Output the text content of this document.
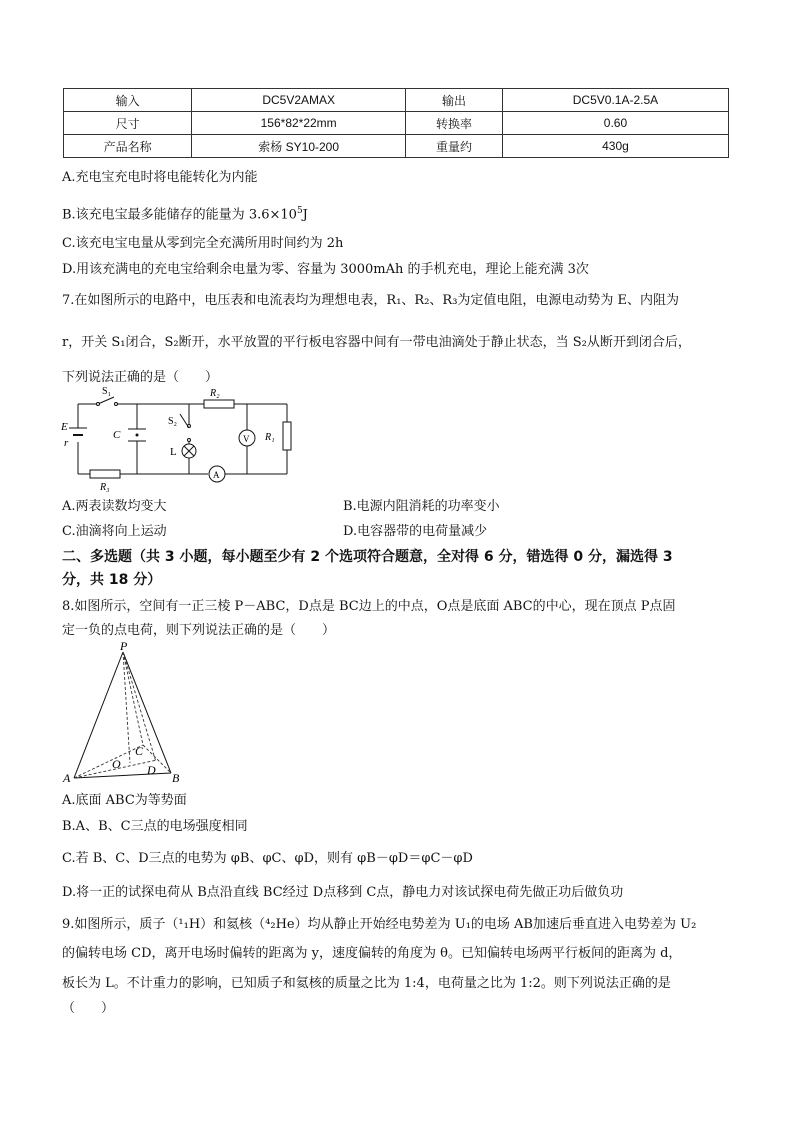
输入	DC5V2AMAX	输出	DC5V0.1A-2.5A
尺寸	156*82*22mm	转换率	0.60
产品名称	索杨 SY10-200	重量约	430g
A.充电宝充电时将电能转化为内能
B.该充电宝最多能储存的能量为 $3.6\times 10^5J$
C.该充电宝电量从零到完全充满所用时间约为 2h
D.用该充满电的充电宝给剩余电量为零、容量为 3000mAh 的手机充电，理论上能充满 3次
7.在如图所示的电路中，电压表和电流表均为理想电表，R₁、R₂、R₃为定值电阻，电源电动势为 E、内阻为
r，开关 S₁闭合，S₂断开，水平放置的平行板电容器中间有一带电油滴处于静止状态，当 S₂从断开到闭合后，
下列说法正确的是（　　）
E
r
S₁
C
S₂
R₂
L
V R₁
A
R₃
A.两表读数均变大	B.电源内阻消耗的功率变小
C.油滴将向上运动	D.电容器带的电荷量减少
二、多选题（共 3 小题，每小题至少有 2 个选项符合题意，全对得 6 分，错选得 0 分，漏选得 3
分，共 18 分）
8.如图所示，空间有一正三棱 P－ABC，D点是 BC边上的中点，O点是底面 ABC的中心，现在顶点 P点固
定一负的点电荷，则下列说法正确的是（　　）
P
A	B
C
O D
A.底面 ABC为等势面
B.A、B、C三点的电场强度相同
C.若 B、C、D三点的电势为 φB、φC、φD，则有 φB－φD＝φC－φD
D.将一正的试探电荷从 B点沿直线 BC经过 D点移到 C点，静电力对该试探电荷先做正功后做负功
9.如图所示，质子（¹₁H）和氦核（⁴₂He）均从静止开始经电势差为 U₁的电场 AB加速后垂直进入电势差为 U₂
的偏转电场 CD，离开电场时偏转的距离为 y，速度偏转的角度为 θ。已知偏转电场两平行板间的距离为 d，
板长为 L。不计重力的影响，已知质子和氦核的质量之比为 1:4，电荷量之比为 1:2。则下列说法正确的是
（　　）
